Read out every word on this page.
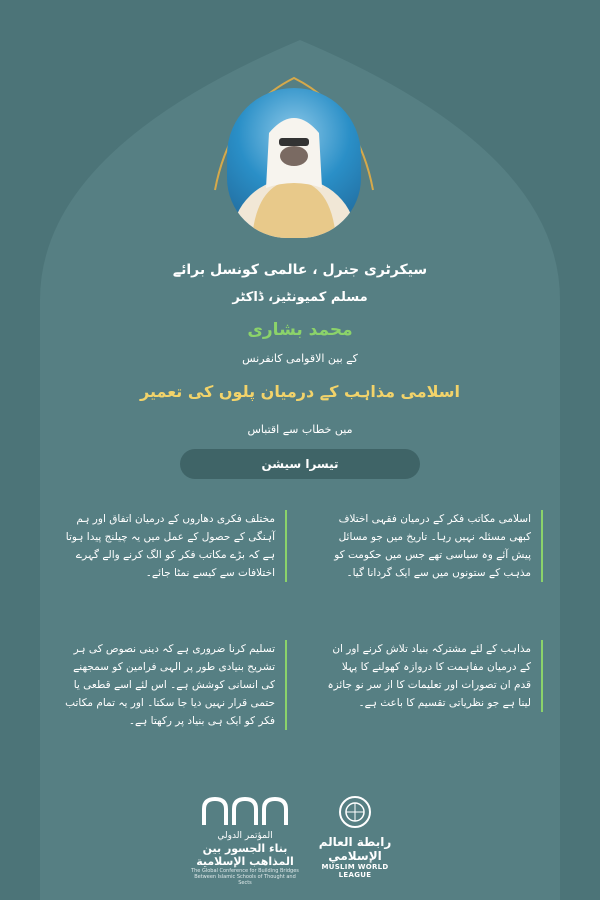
سیکرٹری جنرل ، عالمی کونسل برائے
مسلم کمیونٹیز، ڈاکٹر
محمد بشاری
کے بین الاقوامی کانفرنس
اسلامی مذاہب کے درمیان پلوں کی تعمیر
میں خطاب سے اقتباس
تیسرا سیشن
اسلامی مکاتب فکر کے درمیان فقہی اختلاف کبھی مسئلہ نہیں رہا۔ تاریخ میں جو مسائل پیش آئے وہ سیاسی تھے جس میں حکومت کو مذہب کے ستونوں میں سے ایک گردانا گیا۔
مختلف فکری دھاروں کے درمیان اتفاق اور ہم آہنگی کے حصول کے عمل میں یہ چیلنج پیدا ہوتا ہے کہ بڑے مکاتب فکر کو الگ کرنے والے گہرے اختلافات سے کیسے نمٹا جائے۔
مذاہب کے لئے مشترکہ بنیاد تلاش کرنے اور ان کے درمیان مفاہمت کا دروازہ کھولنے کا پہلا قدم ان تصورات اور تعلیمات کا از سر نو جائزہ لینا ہے جو نظریاتی تقسیم کا باعث ہے۔
تسلیم کرنا ضروری ہے کہ دینی نصوص کی ہر تشریح بنیادی طور پر الہی فرامین کو سمجھنے کی انسانی کوشش ہے۔ اس لئے اسے قطعی یا حتمی قرار نہیں دیا جا سکتا۔ اور یہ تمام مکاتب فکر کو ایک ہی بنیاد پر رکھتا ہے۔
المؤتمر الدولي
بناء الجسور بين المذاهب الإسلامية
The Global Conference for Building Bridges Between Islamic Schools of Thought and Sects
رابطة العالم الإسلامي
MUSLIM WORLD LEAGUE
